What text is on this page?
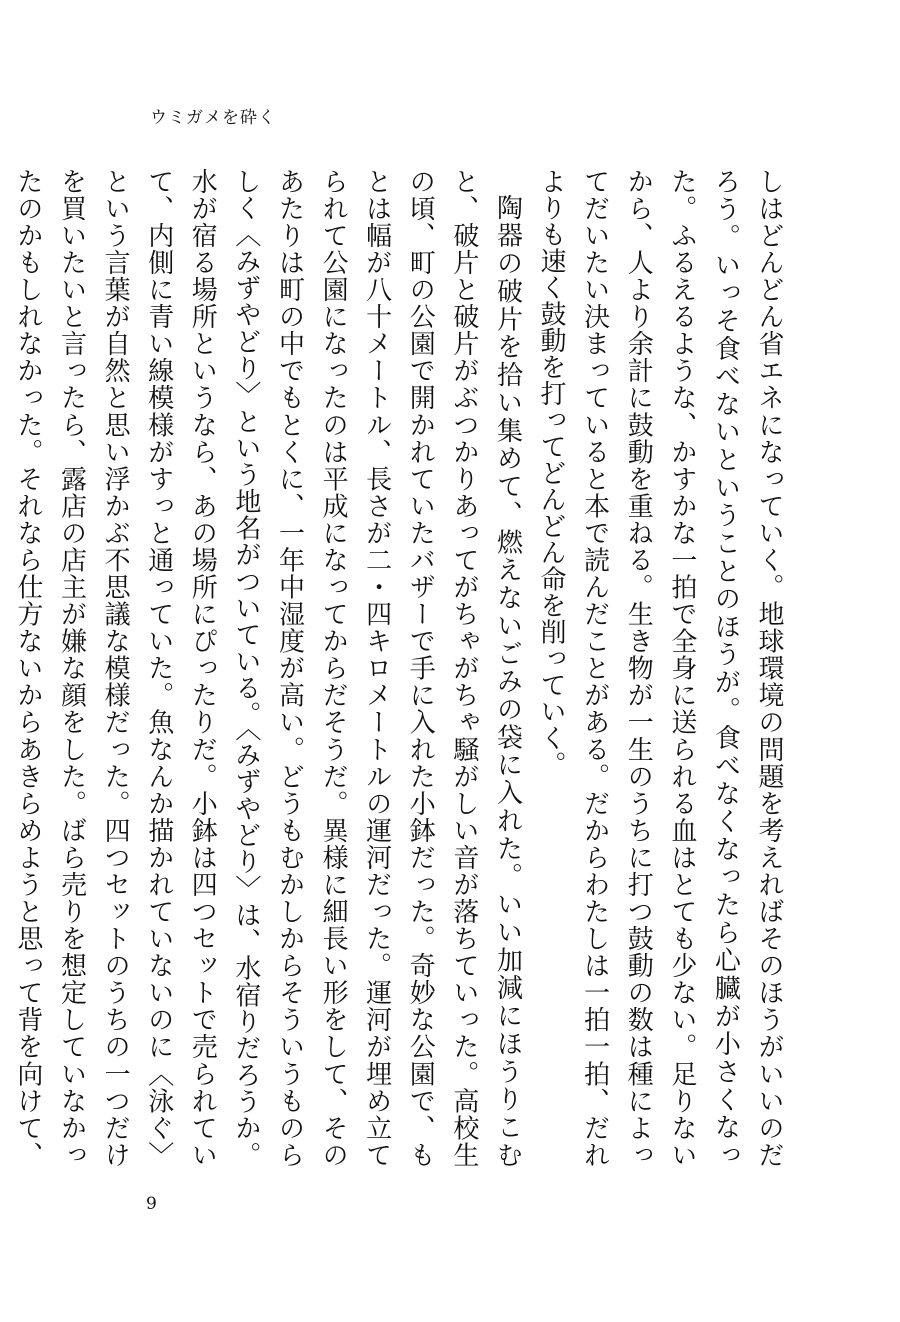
ウミガメを砕く

しはどんどん省エネになっていく。地球環境の問題を考えればそのほうがいいのだろう。いっそ食べないということのほうが。食べなくなったら心臓が小さくなった。ふるえるような、かすかな一拍で全身に送られる血はとても少ない。足りないから、人より余計に鼓動を重ねる。生き物が一生のうちに打つ鼓動の数は種によってだいたい決まっていると本で読んだことがある。だからわたしは一拍一拍、だれよりも速く鼓動を打ってどんどん命を削っていく。

陶器の破片を拾い集めて、燃えないごみの袋に入れた。いい加減にほうりこむと、破片と破片がぶつかりあってがちゃがちゃ騒がしい音が落ちていった。高校生の頃、町の公園で開かれていたバザーで手に入れた小鉢だった。奇妙な公園で、もとは幅が八十メートル、長さが二・四キロメートルの運河だった。運河が埋め立てられて公園になったのは平成になってからだそうだ。異様に細長い形をして、そのあたりは町の中でもとくに、一年中湿度が高い。どうもむかしからそういうものらしく〈みずやどり〉という地名がついている。〈みずやどり〉は、水宿りだろうか。水が宿る場所というなら、あの場所にぴったりだ。小鉢は四つセットで売られていて、内側に青い線模様がすっと通っていた。魚なんか描かれていないのに〈泳ぐ〉という言葉が自然と思い浮かぶ不思議な模様だった。四つセットのうちの一つだけを買いたいと言ったら、露店の店主が嫌な顔をした。ばら売りを想定していなかったのかもしれなかった。それなら仕方ないからあきらめようと思って背を向けて、

9
